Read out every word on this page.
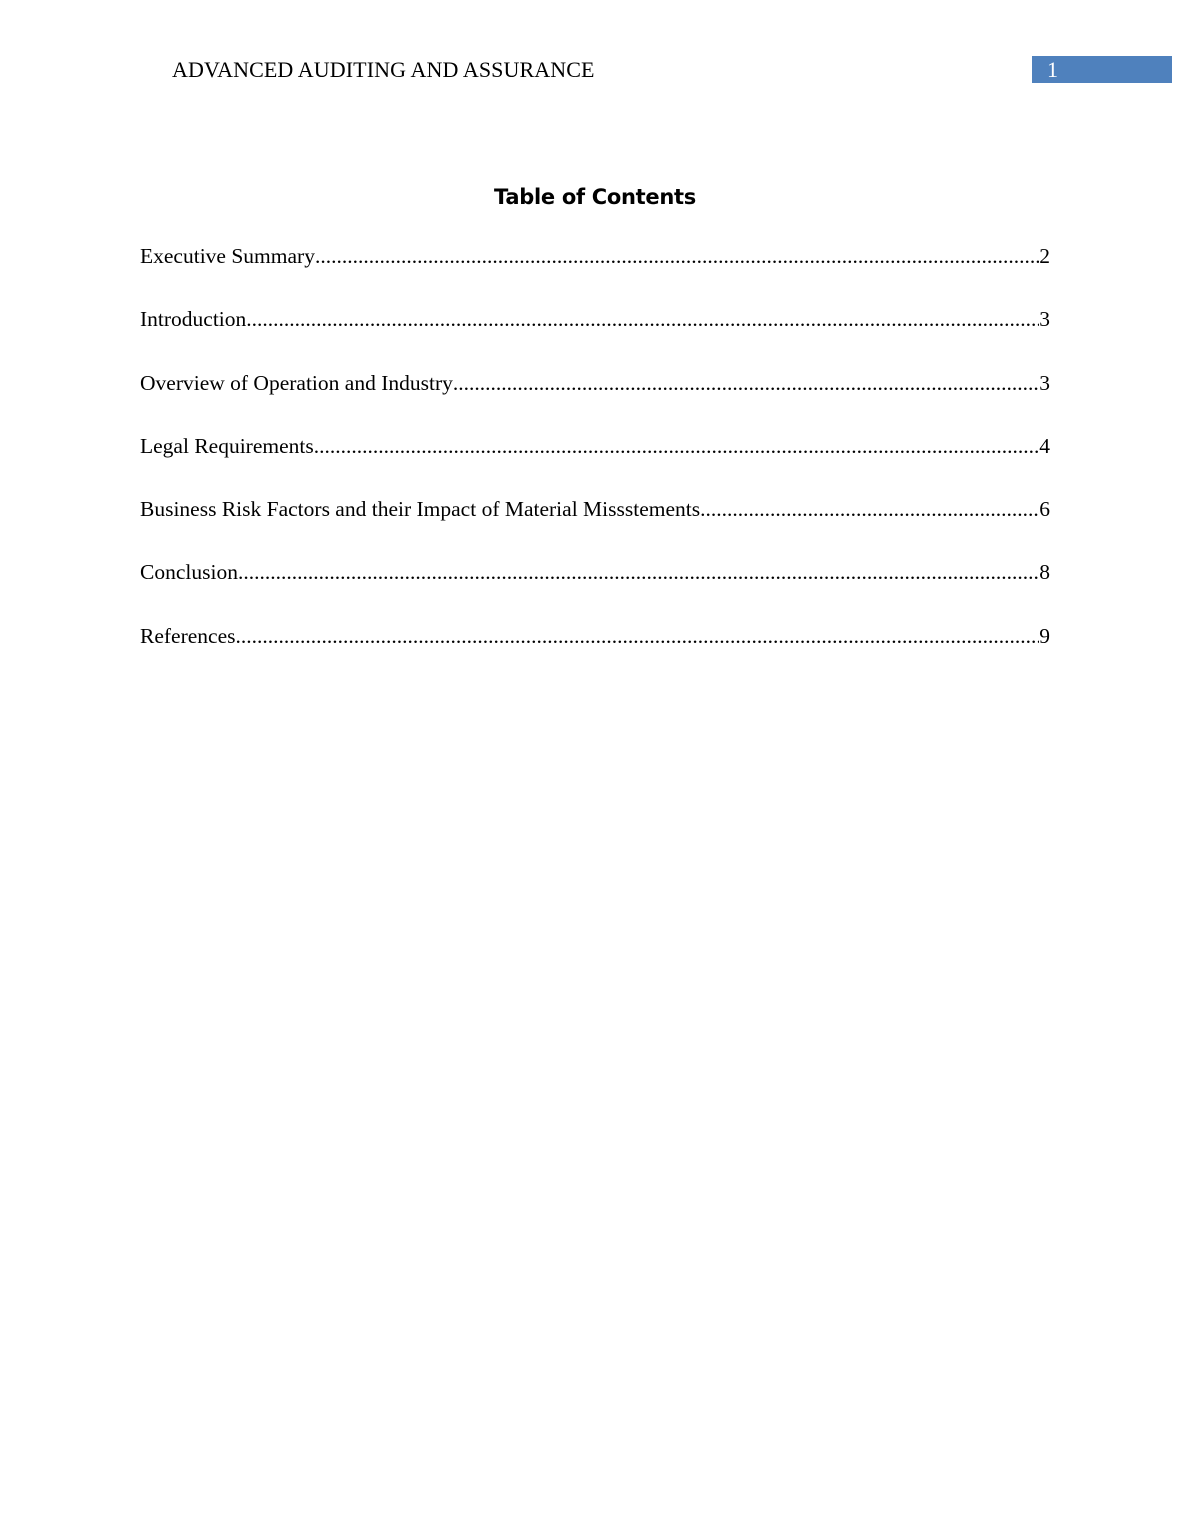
ADVANCED AUDITING AND ASSURANCE	1
Table of Contents
Executive Summary .....	2
Introduction .....	3
Overview of Operation and Industry .....	3
Legal Requirements .....	4
Business Risk Factors and their Impact of Material Missstements .....	6
Conclusion .....	8
References .....	9
